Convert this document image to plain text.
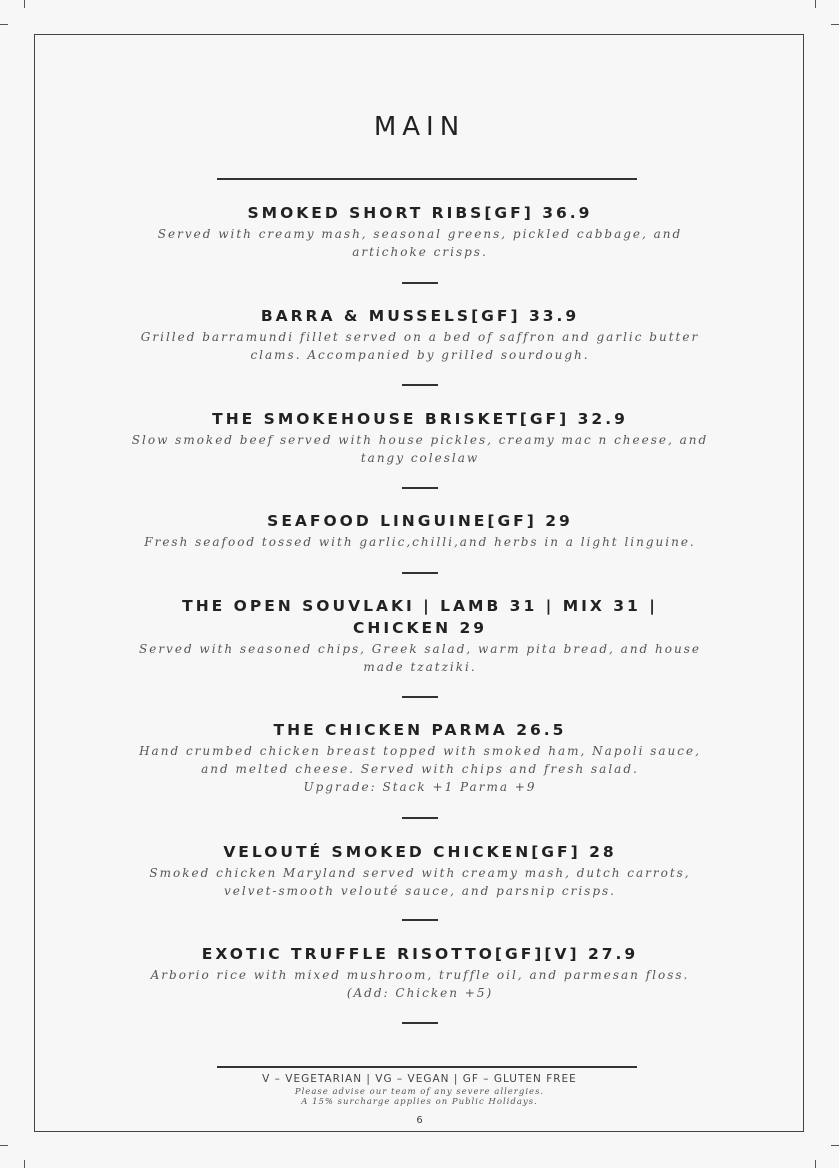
MAIN
SMOKED SHORT RIBS[GF] 36.9
Served with creamy mash, seasonal greens, pickled cabbage, and
artichoke crisps.
BARRA & MUSSELS[GF] 33.9
Grilled barramundi fillet served on a bed of saffron and garlic butter
clams. Accompanied by grilled sourdough.
THE SMOKEHOUSE BRISKET[GF] 32.9
Slow smoked beef served with house pickles, creamy mac n cheese, and
tangy coleslaw
SEAFOOD LINGUINE[GF] 29
Fresh seafood tossed with garlic,chilli,and herbs in a light linguine.
THE OPEN SOUVLAKI | LAMB 31 | MIX 31 |
CHICKEN 29
Served with seasoned chips, Greek salad, warm pita bread, and house
made tzatziki.
THE CHICKEN PARMA 26.5
Hand crumbed chicken breast topped with smoked ham, Napoli sauce,
and melted cheese. Served with chips and fresh salad.
Upgrade: Stack +1 Parma +9
VELOUTÉ SMOKED CHICKEN[GF] 28
Smoked chicken Maryland served with creamy mash, dutch carrots,
velvet-smooth velouté sauce, and parsnip crisps.
EXOTIC TRUFFLE RISOTTO[GF][V] 27.9
Arborio rice with mixed mushroom, truffle oil, and parmesan floss.
(Add: Chicken +5)
V – VEGETARIAN | VG – VEGAN | GF – GLUTEN FREE
Please advise our team of any severe allergies.
A 15% surcharge applies on Public Holidays.
6
